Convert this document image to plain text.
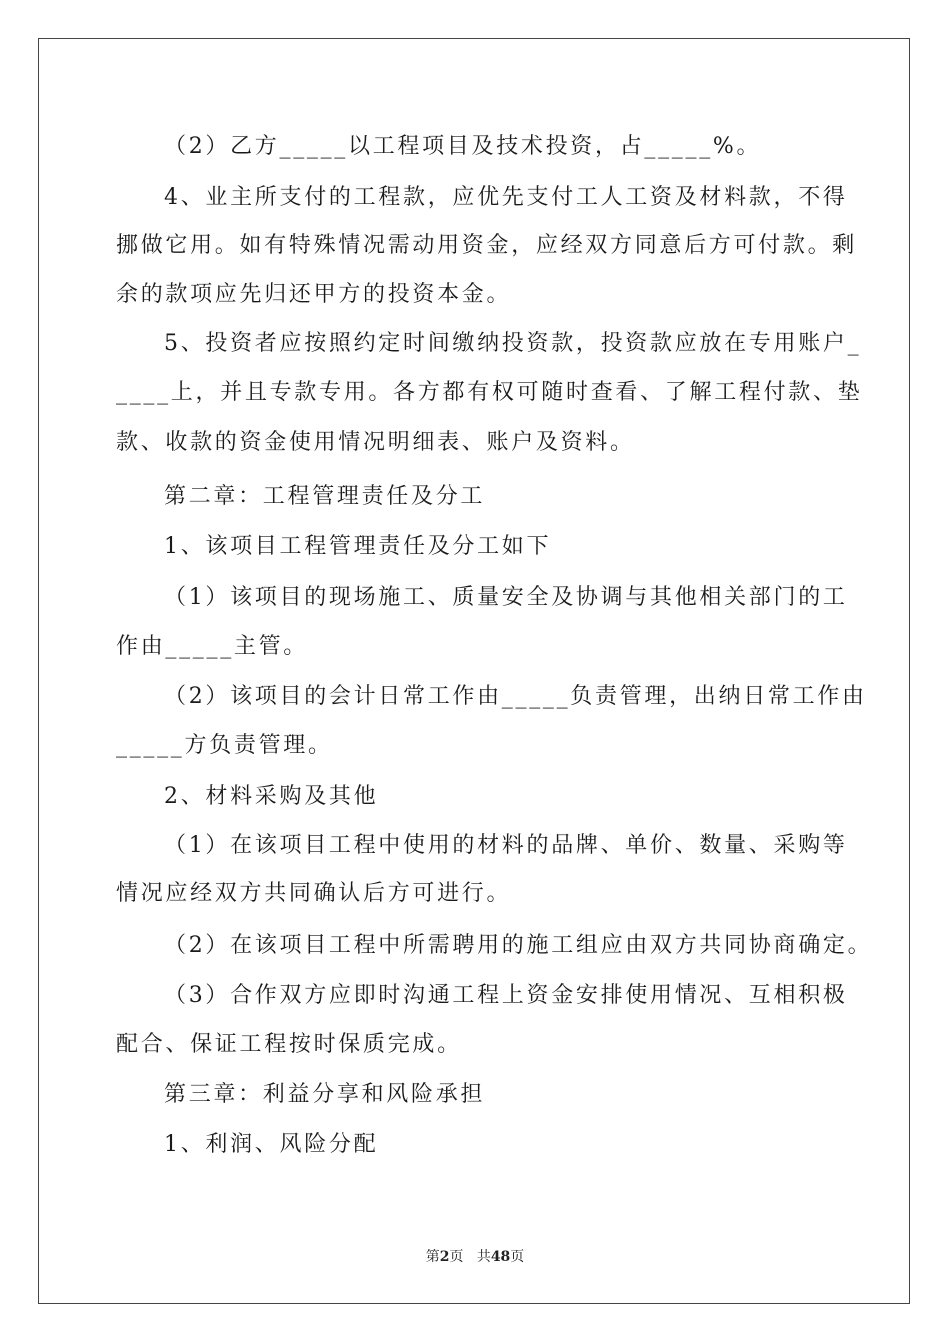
（2）乙方_____以工程项目及技术投资，占_____%。
4、业主所支付的工程款，应优先支付工人工资及材料款，不得
挪做它用。如有特殊情况需动用资金，应经双方同意后方可付款。剩
余的款项应先归还甲方的投资本金。
5、投资者应按照约定时间缴纳投资款，投资款应放在专用账户_
____上，并且专款专用。各方都有权可随时查看、了解工程付款、垫
款、收款的资金使用情况明细表、账户及资料。
第二章：工程管理责任及分工
1、该项目工程管理责任及分工如下
（1）该项目的现场施工、质量安全及协调与其他相关部门的工
作由_____主管。
（2）该项目的会计日常工作由_____负责管理，出纳日常工作由
_____方负责管理。
2、材料采购及其他
（1）在该项目工程中使用的材料的品牌、单价、数量、采购等
情况应经双方共同确认后方可进行。
（2）在该项目工程中所需聘用的施工组应由双方共同协商确定。
（3）合作双方应即时沟通工程上资金安排使用情况、互相积极
配合、保证工程按时保质完成。
第三章：利益分享和风险承担
1、利润、风险分配
第2页 共48页
